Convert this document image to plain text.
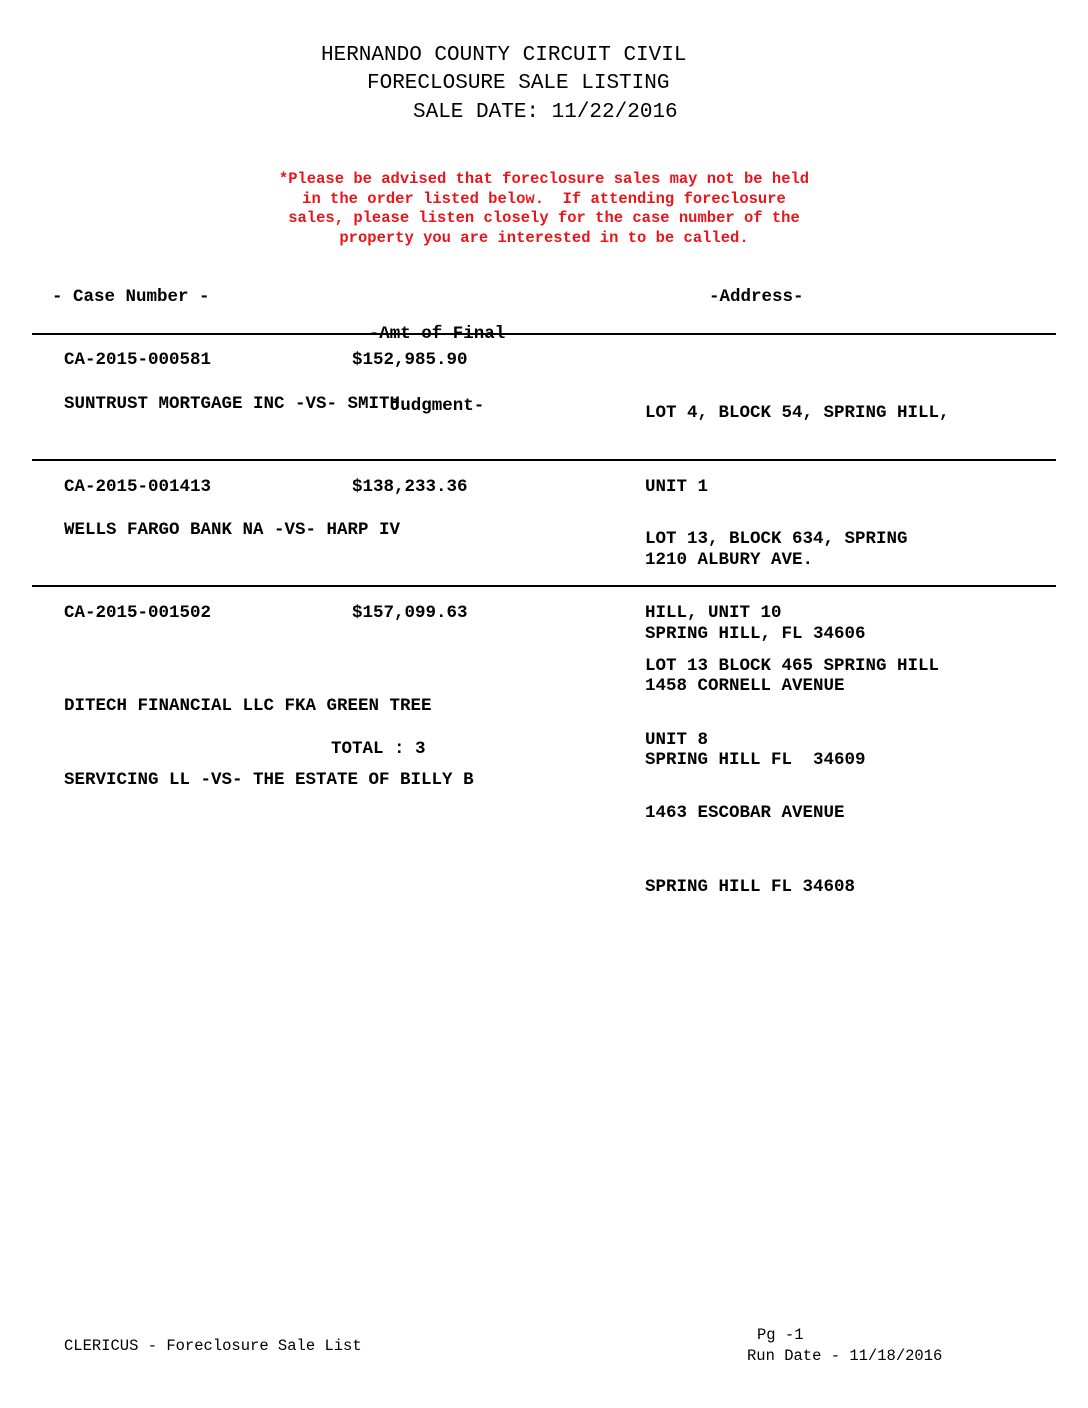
HERNANDO COUNTY CIRCUIT CIVIL
FORECLOSURE SALE LISTING
SALE DATE: 11/22/2016
*Please be advised that foreclosure sales may not be held
in the order listed below.  If attending foreclosure
sales, please listen closely for the case number of the
property you are interested in to be called.
- Case Number -

-Amt of Final

Judgment-

-Address-
CA-2015-000581	$152,985.90
SUNTRUST MORTGAGE INC -VS- SMITH

	LOT 4, BLOCK 54, SPRING HILL,

UNIT 1

1210 ALBURY AVE.

SPRING HILL, FL 34606

CA-2015-001413	$138,233.36
WELLS FARGO BANK NA -VS- HARP IV

	LOT 13, BLOCK 634, SPRING

HILL, UNIT 10

1458 CORNELL AVENUE

SPRING HILL FL  34609

CA-2015-001502	$157,099.63

DITECH FINANCIAL LLC FKA GREEN TREE

SERVICING LL -VS- THE ESTATE OF BILLY B

LOT 13 BLOCK 465 SPRING HILL

UNIT 8

1463 ESCOBAR AVENUE

SPRING HILL FL 34608

TOTAL : 3
CLERICUS - Foreclosure Sale List
Pg -1
Run Date - 11/18/2016
